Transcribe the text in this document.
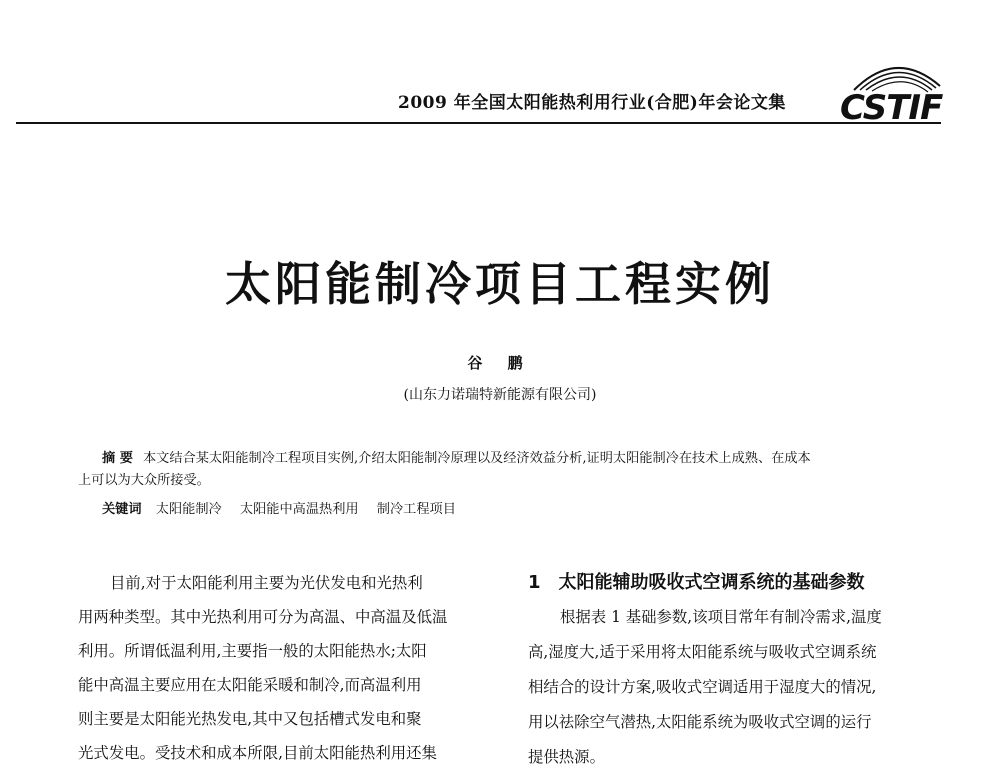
2009 年全国太阳能热利用行业(合肥)年会论文集 CSTIF
太阳能制冷项目工程实例
谷 鹏
(山东力诺瑞特新能源有限公司)
摘 要 本文结合某太阳能制冷工程项目实例,介绍太阳能制冷原理以及经济效益分析,证明太阳能制冷在技术上成熟、在成本
上可以为大众所接受。
关键词 太阳能制冷 太阳能中高温热利用 制冷工程项目
目前,对于太阳能利用主要为光伏发电和光热利
用两种类型。其中光热利用可分为高温、中高温及低温
利用。所谓低温利用,主要指一般的太阳能热水;太阳
能中高温主要应用在太阳能采暖和制冷,而高温利用
则主要是太阳能光热发电,其中又包括槽式发电和聚
光式发电。受技术和成本所限,目前太阳能热利用还集
1 太阳能辅助吸收式空调系统的基础参数
根据表 1 基础参数,该项目常年有制冷需求,温度
高,湿度大,适于采用将太阳能系统与吸收式空调系统
相结合的设计方案,吸收式空调适用于湿度大的情况,
用以祛除空气潜热,太阳能系统为吸收式空调的运行
提供热源。
